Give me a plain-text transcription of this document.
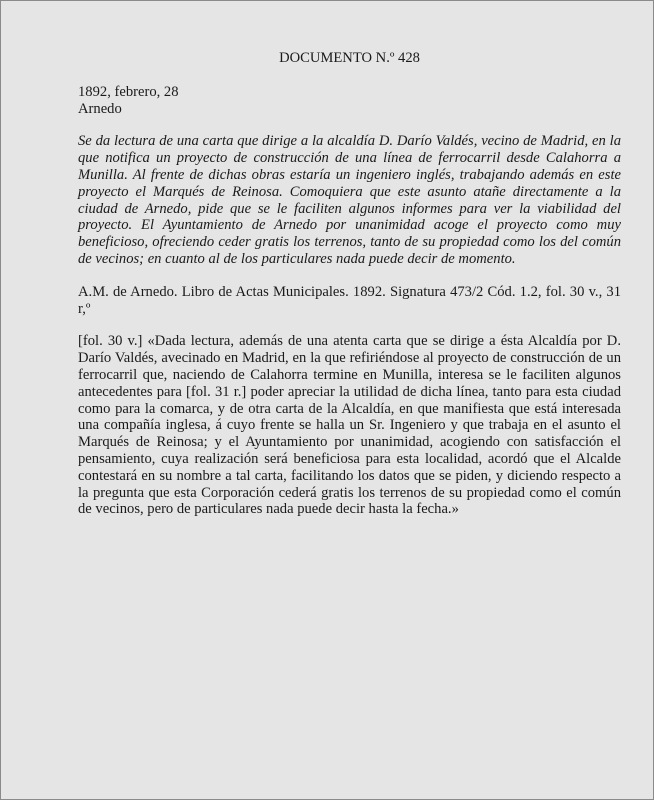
DOCUMENTO N.º 428
1892, febrero, 28
Arnedo

Se da lectura de una carta que dirige a la alcaldía D. Darío Valdés, vecino de Madrid, en la que notifica un proyecto de construcción de una línea de ferrocarril desde Calahorra a Munilla. Al frente de dichas obras estaría un ingeniero inglés, trabajando además en este proyecto el Marqués de Reinosa. Comoquiera que este asunto atañe directamente a la ciudad de Arnedo, pide que se le faciliten algunos informes para ver la viabilidad del proyecto. El Ayuntamiento de Arnedo por unanimidad acoge el proyecto como muy beneficioso, ofreciendo ceder gratis los terrenos, tanto de su propiedad como los del común de vecinos; en cuanto al de los particulares nada puede decir de momento.

A.M. de Arnedo. Libro de Actas Municipales. 1892. Signatura 473/2 Cód. 1.2, fol. 30 v., 31 r,º

[fol. 30 v.] «Dada lectura, además de una atenta carta que se dirige a ésta Alcaldía por D. Darío Valdés, avecinado en Madrid, en la que refiriéndose al proyecto de construcción de un ferrocarril que, naciendo de Calahorra termine en Munilla, interesa se le faciliten algunos antecedentes para [fol. 31 r.] poder apreciar la utilidad de dicha línea, tanto para esta ciudad como para la comarca, y de otra carta de la Alcaldía, en que manifiesta que está interesada una compañía inglesa, á cuyo frente se halla un Sr. Ingeniero y que trabaja en el asunto el Marqués de Reinosa; y el Ayuntamiento por unanimidad, acogiendo con satisfacción el pensamiento, cuya realización será beneficiosa para esta localidad, acordó que el Alcalde contestará en su nombre a tal carta, facilitando los datos que se piden, y diciendo respecto a la pregunta que esta Corporación cederá gratis los terrenos de su propiedad como el común de vecinos, pero de particulares nada puede decir hasta la fecha.»
